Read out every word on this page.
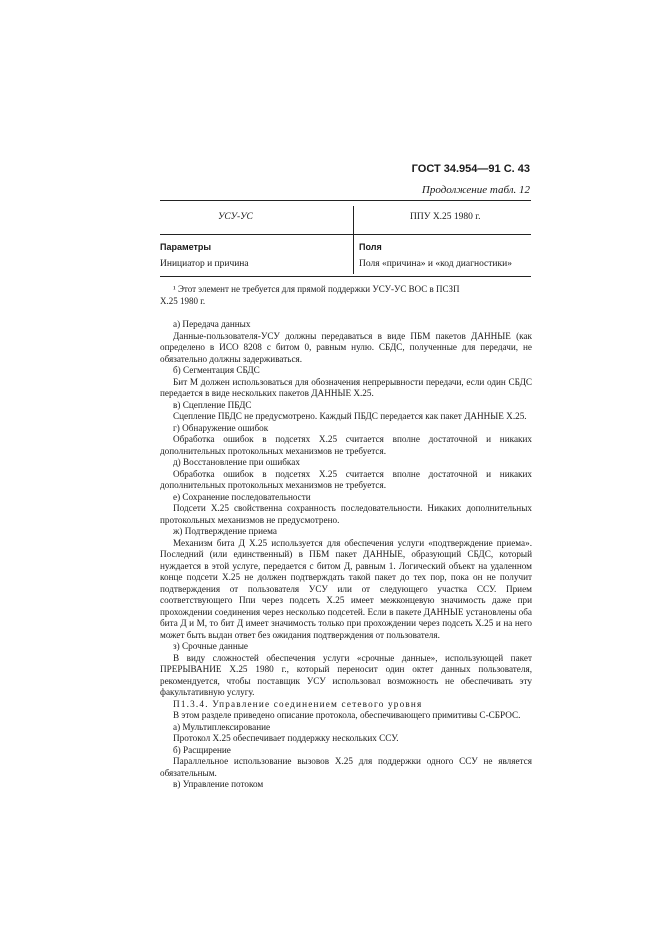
ГОСТ 34.954—91 С. 43
Продолжение табл. 12
УСУ-УС	ППУ Х.25 1980 г.
Параметры
Инициатор и причина
Поля
Поля «причина» и «код диагностики»

¹ Этот элемент не требуется для прямой поддержки УСУ-УС ВОС в ПСЗП

X.25 1980 г.

а) Передача данных

Данные-пользователя-УСУ должны передаваться в виде ПБМ пакетов ДАННЫЕ (как определено в ИСО 8208 с битом 0, равным нулю. СБДС, полученные для передачи, не обязательно должны задерживаться.

б) Сегментация СБДС

Бит М должен использоваться для обозначения непрерывности передачи, если один СБДС передается в виде нескольких пакетов ДАННЫЕ X.25.

в) Сцепление ПБДС

Сцепление ПБДС не предусмотрено. Каждый ПБДС передается как пакет ДАННЫЕ X.25.

г) Обнаружение ошибок

Обработка ошибок в подсетях X.25 считается вполне достаточной и никаких дополнительных протокольных механизмов не требуется.

д) Восстановление при ошибках

Обработка ошибок в подсетях X.25 считается вполне достаточной и никаких дополнительных протокольных механизмов не требуется.

е) Сохранение последовательности

Подсети X.25 свойственна сохранность последовательности. Никаких дополнительных протокольных механизмов не предусмотрено.

ж) Подтверждение приема

Механизм бита Д X.25 используется для обеспечения услуги «подтверждение приема». Последний (или единственный) в ПБМ пакет ДАННЫЕ, образующий СБДС, который нуждается в этой услуге, передается с битом Д, равным 1. Логический объект на удаленном конце подсети X.25 не должен подтверждать такой пакет до тех пор, пока он не получит подтверждения от пользователя УСУ или от следующего участка ССУ. Прием соответствующего Ппи через подсеть X.25 имеет межконцевую значимость даже при прохождении соединения через несколько подсетей. Если в пакете ДАННЫЕ установлены оба бита Д и М, то бит Д имеет значимость только при прохождении через подсеть X.25 и на него может быть выдан ответ без ожидания подтверждения от пользователя.

з) Срочные данные

В виду сложностей обеспечения услуги «срочные данные», использующей пакет ПРЕРЫВАНИЕ X.25 1980 г., который переносит один октет данных пользователя, рекомендуется, чтобы поставщик УСУ использовал возможность не обеспечивать эту факультативную услугу.

П1.3.4. Управление соединением сетевого уровня

В этом разделе приведено описание протокола, обеспечивающего примитивы С-СБРОС.

а) Мультиплексирование

Протокол X.25 обеспечивает поддержку нескольких ССУ.

б) Расщирение

Параллельное использование вызовов X.25 для поддержки одного ССУ не является обязательным.

в) Управление потоком
